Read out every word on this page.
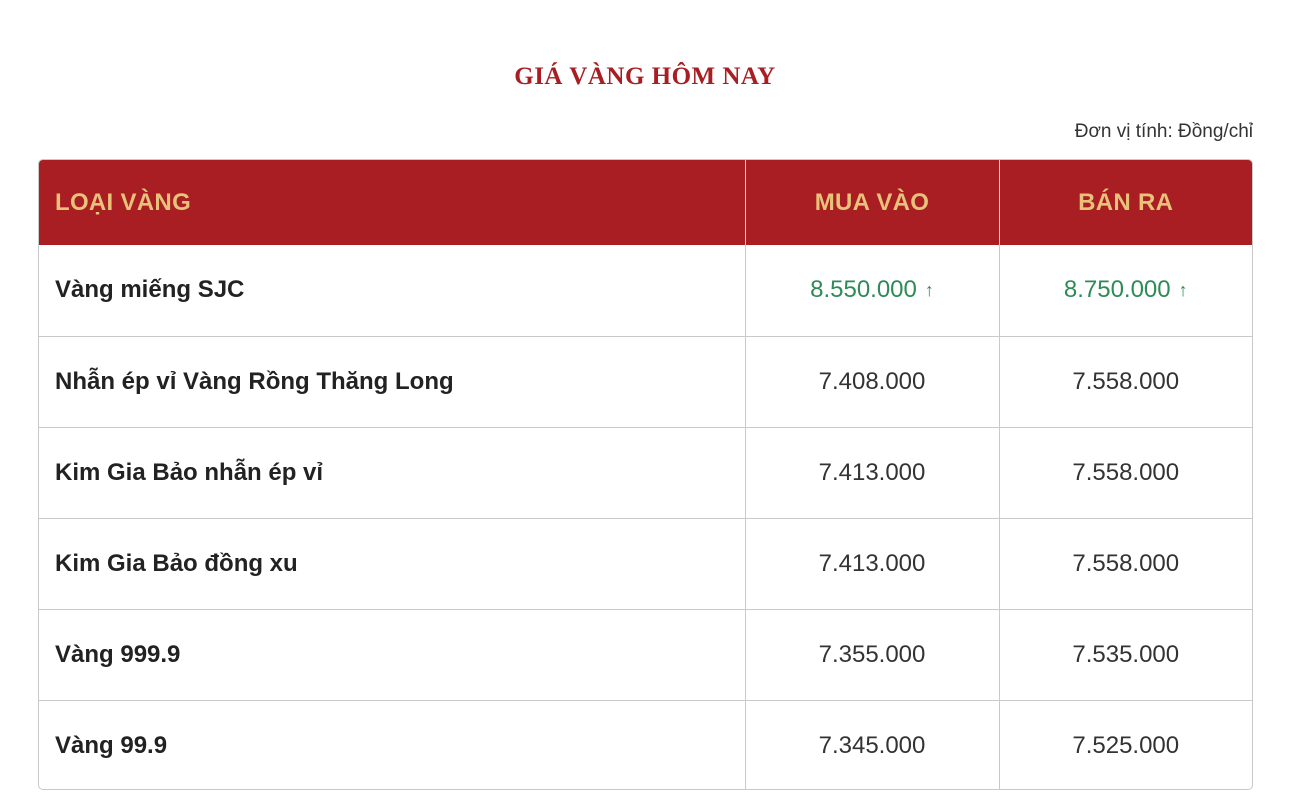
GIÁ VÀNG HÔM NAY
Đơn vị tính: Đồng/chỉ
LOẠI VÀNG	MUA VÀO	BÁN RA
Vàng miếng SJC	8.550.000 ↑	8.750.000 ↑
Nhẫn ép vỉ Vàng Rồng Thăng Long	7.408.000	7.558.000
Kim Gia Bảo nhẫn ép vỉ	7.413.000	7.558.000
Kim Gia Bảo đồng xu	7.413.000	7.558.000
Vàng 999.9	7.355.000	7.535.000
Vàng 99.9	7.345.000	7.525.000
